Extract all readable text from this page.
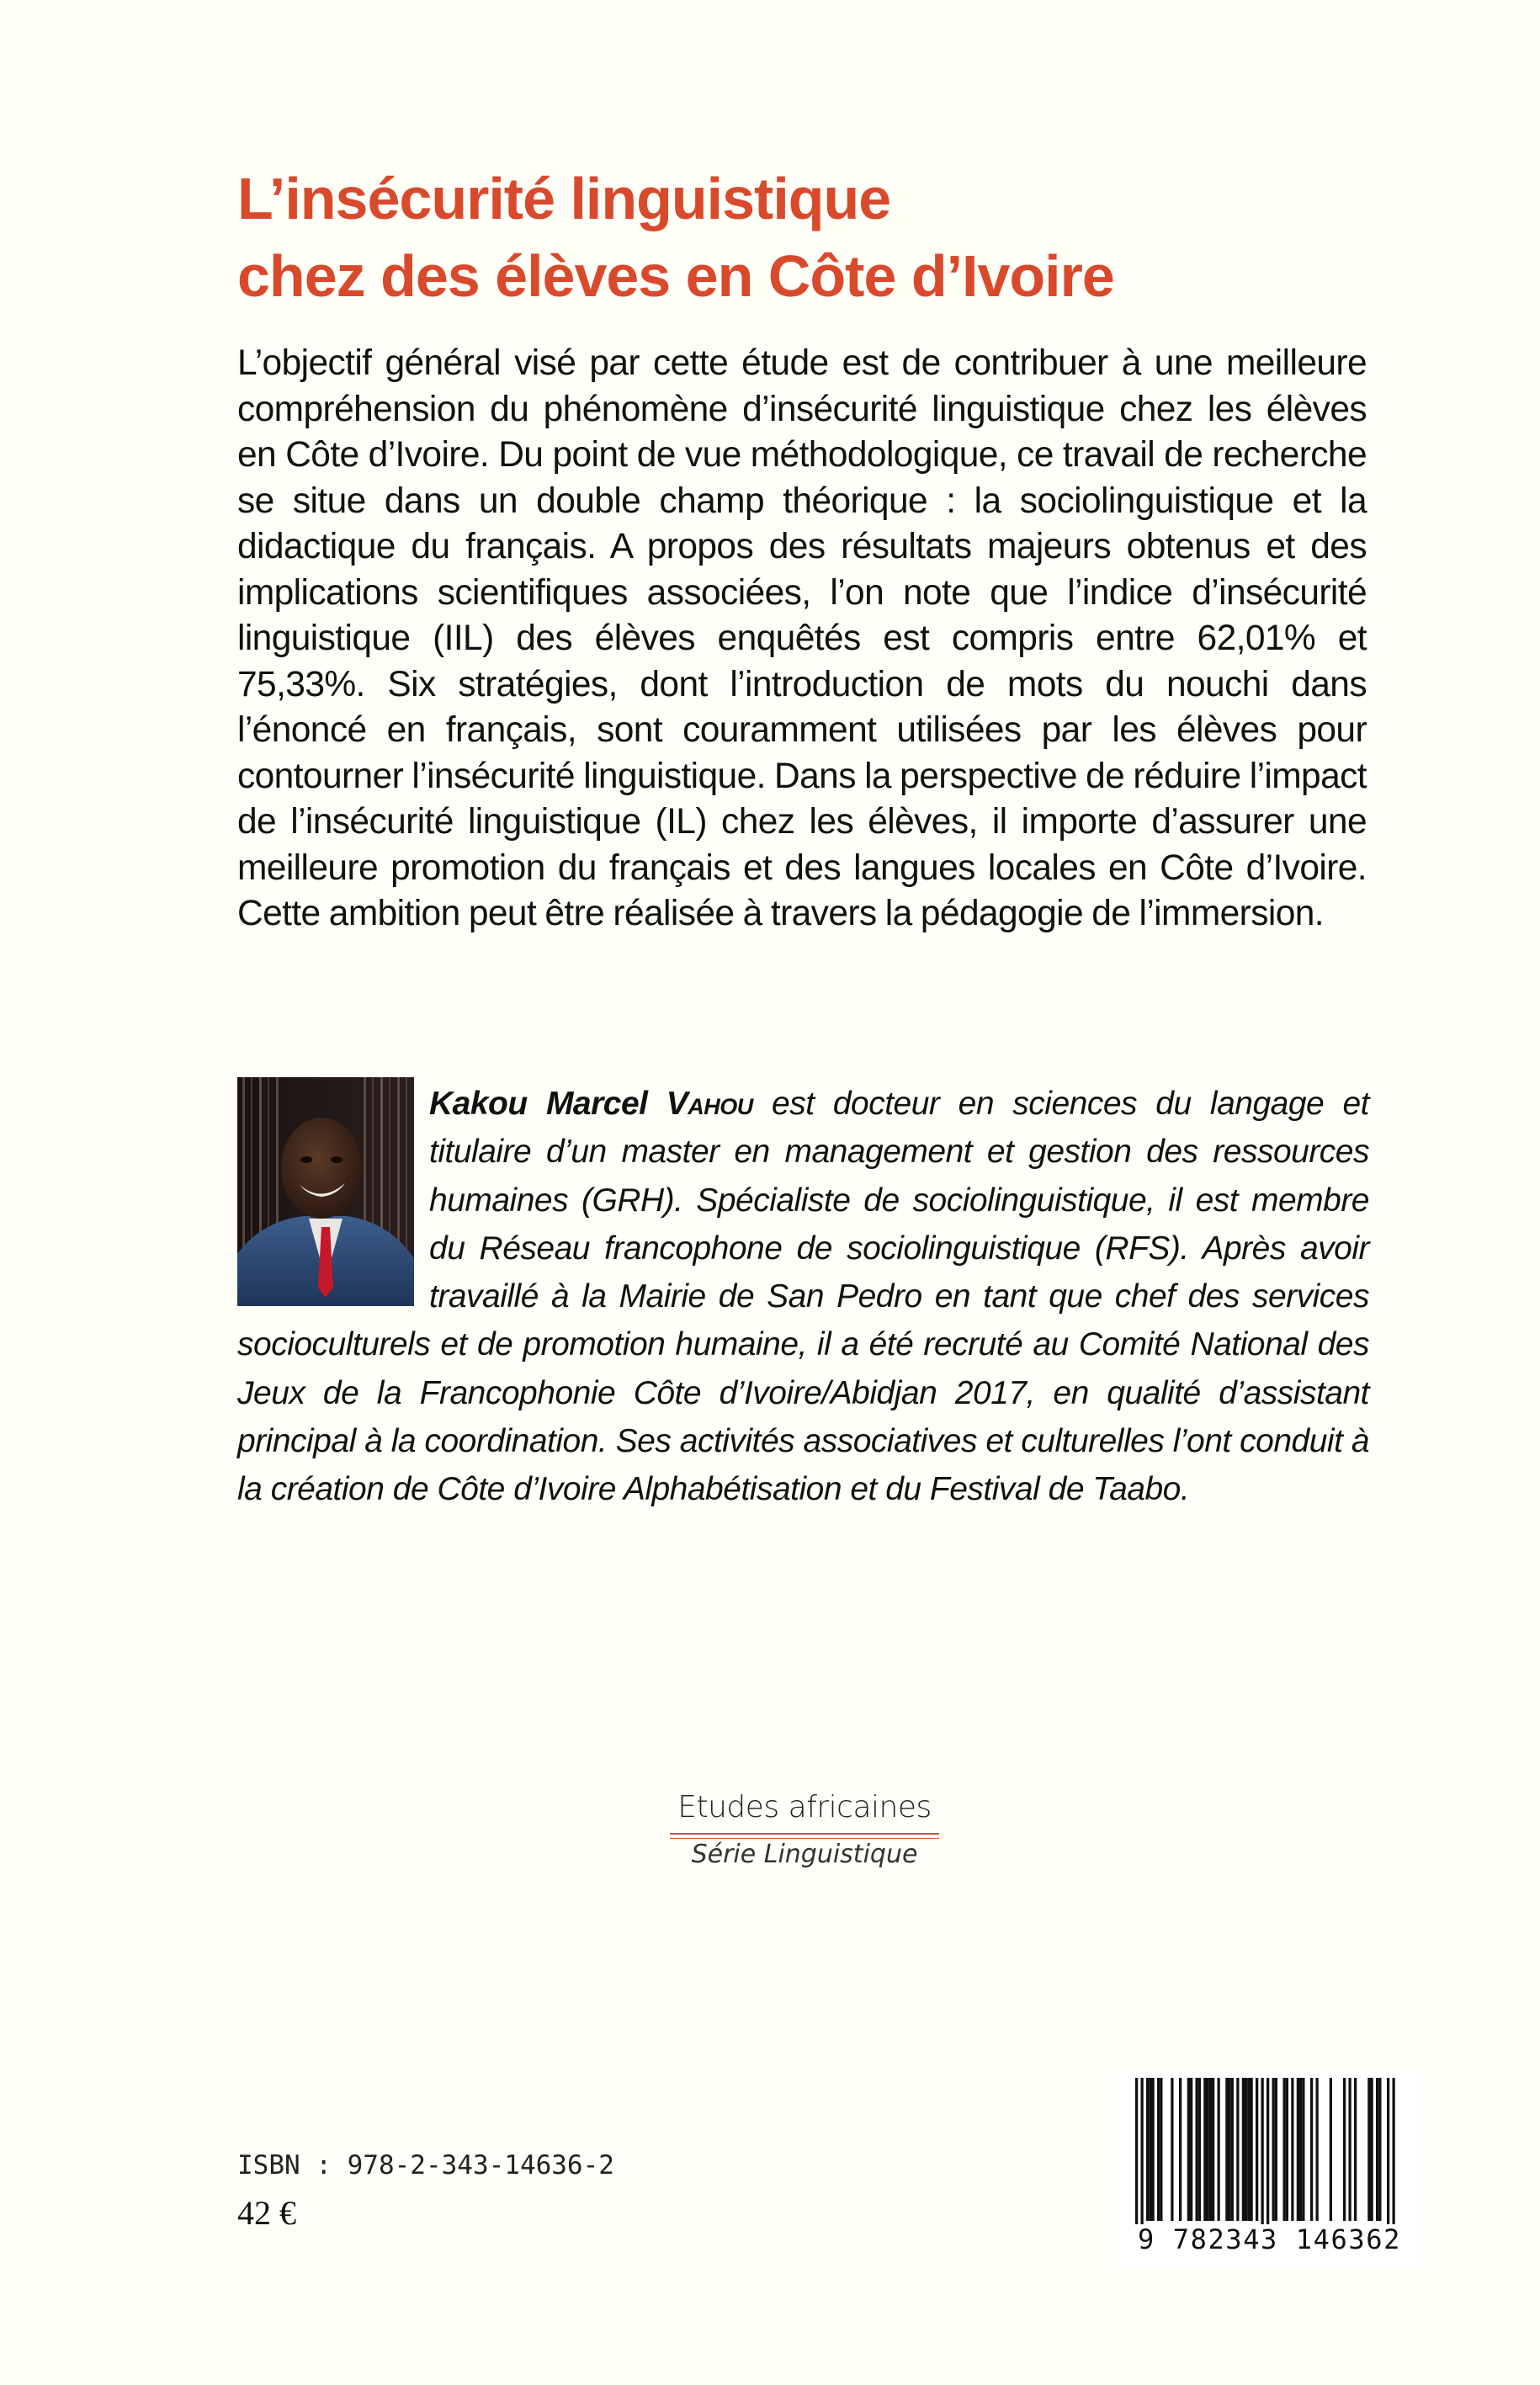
L’insécurité linguistique
chez des élèves en Côte d’Ivoire

L’objectif général visé par cette étude est de contribuer à une meilleure compréhension du phénomène d’insécurité linguistique chez les élèves en Côte d’Ivoire. Du point de vue méthodologique, ce travail de recherche se situe dans un double champ théorique : la sociolinguistique et la didactique du français. A propos des résultats majeurs obtenus et des implications scientifiques associées, l’on note que l’indice d’insécurité linguistique (IIL) des élèves enquêtés est compris entre 62,01% et 75,33%. Six stratégies, dont l’introduction de mots du nouchi dans l’énoncé en français, sont couramment utilisées par les élèves pour contourner l’insécurité linguistique. Dans la perspective de réduire l’impact de l’insécurité linguistique (IL) chez les élèves, il importe d’assurer une meilleure promotion du français et des langues locales en Côte d’Ivoire. Cette ambition peut être réalisée à travers la pédagogie de l’immersion.

Kakou Marcel Vahou est docteur en sciences du langage et titulaire d’un master en management et gestion des ressources humaines (GRH). Spécialiste de sociolinguistique, il est membre du Réseau francophone de sociolinguistique (RFS). Après avoir travaillé à la Mairie de San Pedro en tant que chef des services socioculturels et de promotion humaine, il a été recruté au Comité National des Jeux de la Francophonie Côte d’Ivoire/Abidjan 2017, en qualité d’assistant principal à la coordination. Ses activités associatives et culturelles l’ont conduit à la création de Côte d’Ivoire Alphabétisation et du Festival de Taabo.

Etudes africaines
Série Linguistique
ISBN : 978-2-343-14636-2
42 €
9 782343 146362
